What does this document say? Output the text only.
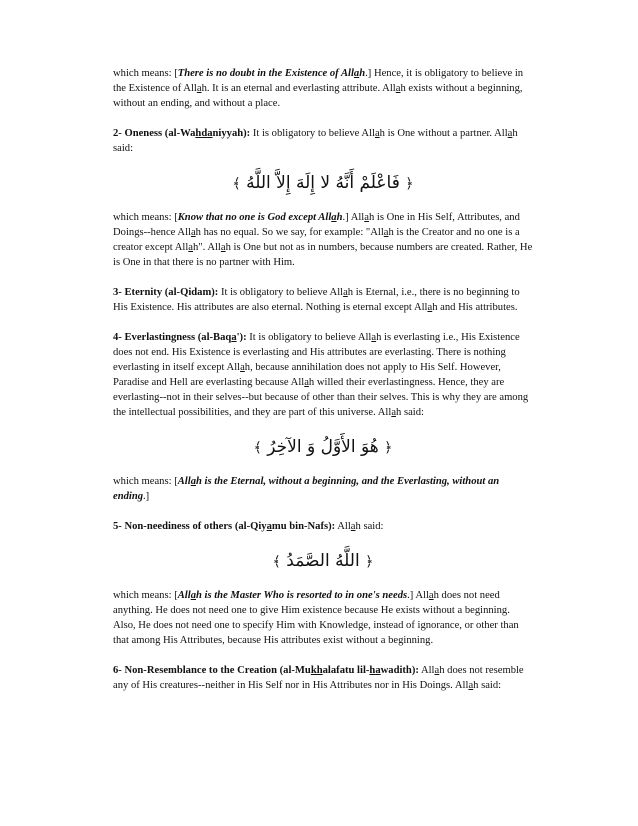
which means: [There is no doubt in the Existence of Allah.] Hence, it is obligatory to believe in the Existence of Allah. It is an eternal and everlasting attribute. Allah exists without a beginning, without an ending, and without a place.

2- Oneness (al-Wahdaniyyah): It is obligatory to believe Allah is One without a partner. Allah said:

﴿ فَاعْلَمْ أَنَّهُ لا إِلَهَ إِلاَّ اللَّهُ ﴾

which means: [Know that no one is God except Allah.] Allah is One in His Self, Attributes, and Doings--hence Allah has no equal. So we say, for example: "Allah is the Creator and no one is a creator except Allah". Allah is One but not as in numbers, because numbers are created. Rather, He is One in that there is no partner with Him.

3- Eternity (al-Qidam): It is obligatory to believe Allah is Eternal, i.e., there is no beginning to His Existence. His attributes are also eternal. Nothing is eternal except Allah and His attributes.

4- Everlastingness (al-Baqa'): It is obligatory to believe Allah is everlasting i.e., His Existence does not end. His Existence is everlasting and His attributes are everlasting. There is nothing everlasting in itself except Allah, because annihilation does not apply to His Self. However, Paradise and Hell are everlasting because Allah willed their everlastingness. Hence, they are everlasting--not in their selves--but because of other than their selves. This is why they are among the intellectual possibilities, and they are part of this universe. Allah said:

﴿ هُوَ الأَوَّلُ وَ الآخِرُ ﴾

which means: [Allah is the Eternal, without a beginning, and the Everlasting, without an ending.]

5- Non-neediness of others (al-Qiyamu bin-Nafs): Allah said:

﴿ اللَّهُ الصَّمَدُ ﴾

which means: [Allah is the Master Who is resorted to in one's needs.] Allah does not need anything. He does not need one to give Him existence because He exists without a beginning. Also, He does not need one to specify Him with Knowledge, instead of ignorance, or other than that among His Attributes, because His attributes exist without a beginning.

6- Non-Resemblance to the Creation (al-Mukhalafatu lil-hawadith): Allah does not resemble any of His creatures--neither in His Self nor in His Attributes nor in His Doings. Allah said:
